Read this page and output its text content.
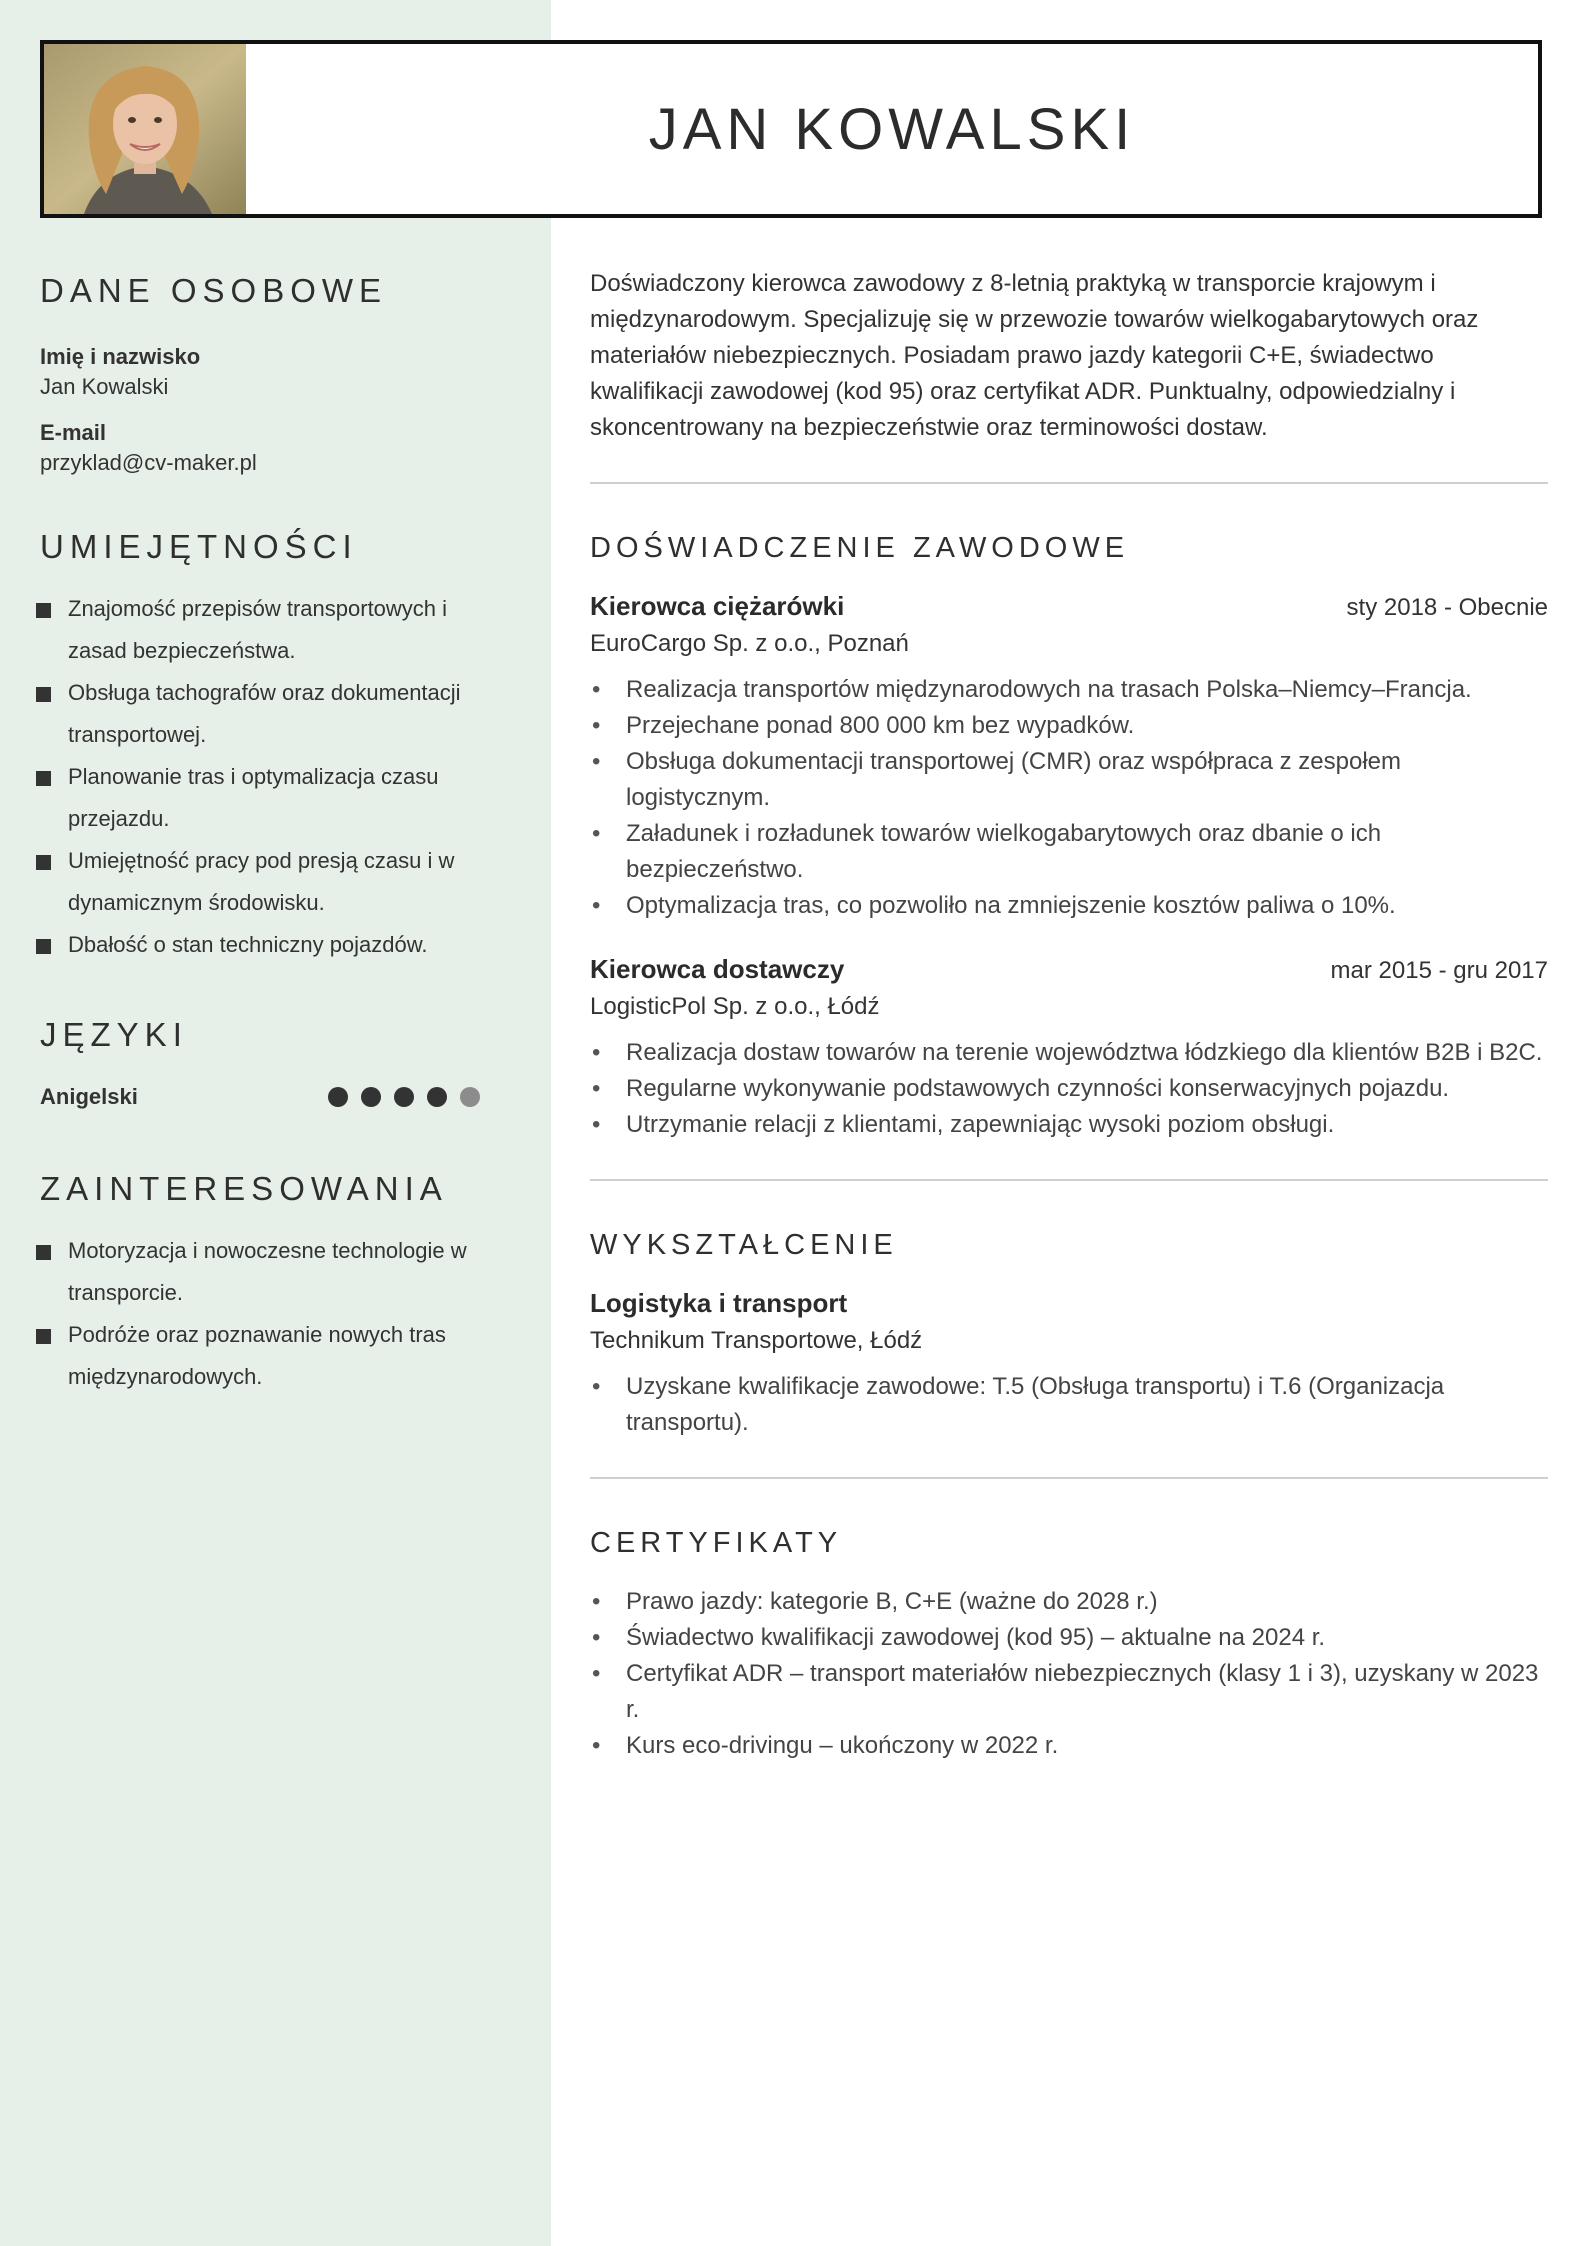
JAN KOWALSKI
DANE OSOBOWE
Imię i nazwisko
Jan Kowalski
E-mail
przyklad@cv-maker.pl
UMIEJĘTNOŚCI
Znajomość przepisów transportowych i
zasad bezpieczeństwa.
Obsługa tachografów oraz dokumentacji
transportowej.
Planowanie tras i optymalizacja czasu
przejazdu.
Umiejętność pracy pod presją czasu i w
dynamicznym środowisku.
Dbałość o stan techniczny pojazdów.
JĘZYKI
Anigelski
ZAINTERESOWANIA
Motoryzacja i nowoczesne technologie w
transporcie.
Podróże oraz poznawanie nowych tras
międzynarodowych.

Doświadczony kierowca zawodowy z 8-letnią praktyką w transporcie krajowym i międzynarodowym. Specjalizuję się w przewozie towarów wielkogabarytowych oraz materiałów niebezpiecznych. Posiadam prawo jazdy kategorii C+E, świadectwo kwalifikacji zawodowej (kod 95) oraz certyfikat ADR. Punktualny, odpowiedzialny i skoncentrowany na bezpieczeństwie oraz terminowości dostaw.

DOŚWIADCZENIE ZAWODOWE
Kierowca ciężarówki	sty 2018 - Obecnie
EuroCargo Sp. z o.o., Poznań
• Realizacja transportów międzynarodowych na trasach Polska–Niemcy–Francja.
• Przejechane ponad 800 000 km bez wypadków.
• Obsługa dokumentacji transportowej (CMR) oraz współpraca z zespołem logistycznym.
• Załadunek i rozładunek towarów wielkogabarytowych oraz dbanie o ich bezpieczeństwo.
• Optymalizacja tras, co pozwoliło na zmniejszenie kosztów paliwa o 10%.
Kierowca dostawczy	mar 2015 - gru 2017
LogisticPol Sp. z o.o., Łódź
• Realizacja dostaw towarów na terenie województwa łódzkiego dla klientów B2B i B2C.
• Regularne wykonywanie podstawowych czynności konserwacyjnych pojazdu.
• Utrzymanie relacji z klientami, zapewniając wysoki poziom obsługi.
WYKSZTAŁCENIE
Logistyka i transport
Technikum Transportowe, Łódź
• Uzyskane kwalifikacje zawodowe: T.5 (Obsługa transportu) i T.6 (Organizacja transportu).
CERTYFIKATY
• Prawo jazdy: kategorie B, C+E (ważne do 2028 r.)
• Świadectwo kwalifikacji zawodowej (kod 95) – aktualne na 2024 r.
• Certyfikat ADR – transport materiałów niebezpiecznych (klasy 1 i 3), uzyskany w 2023 r.
• Kurs eco-drivingu – ukończony w 2022 r.
